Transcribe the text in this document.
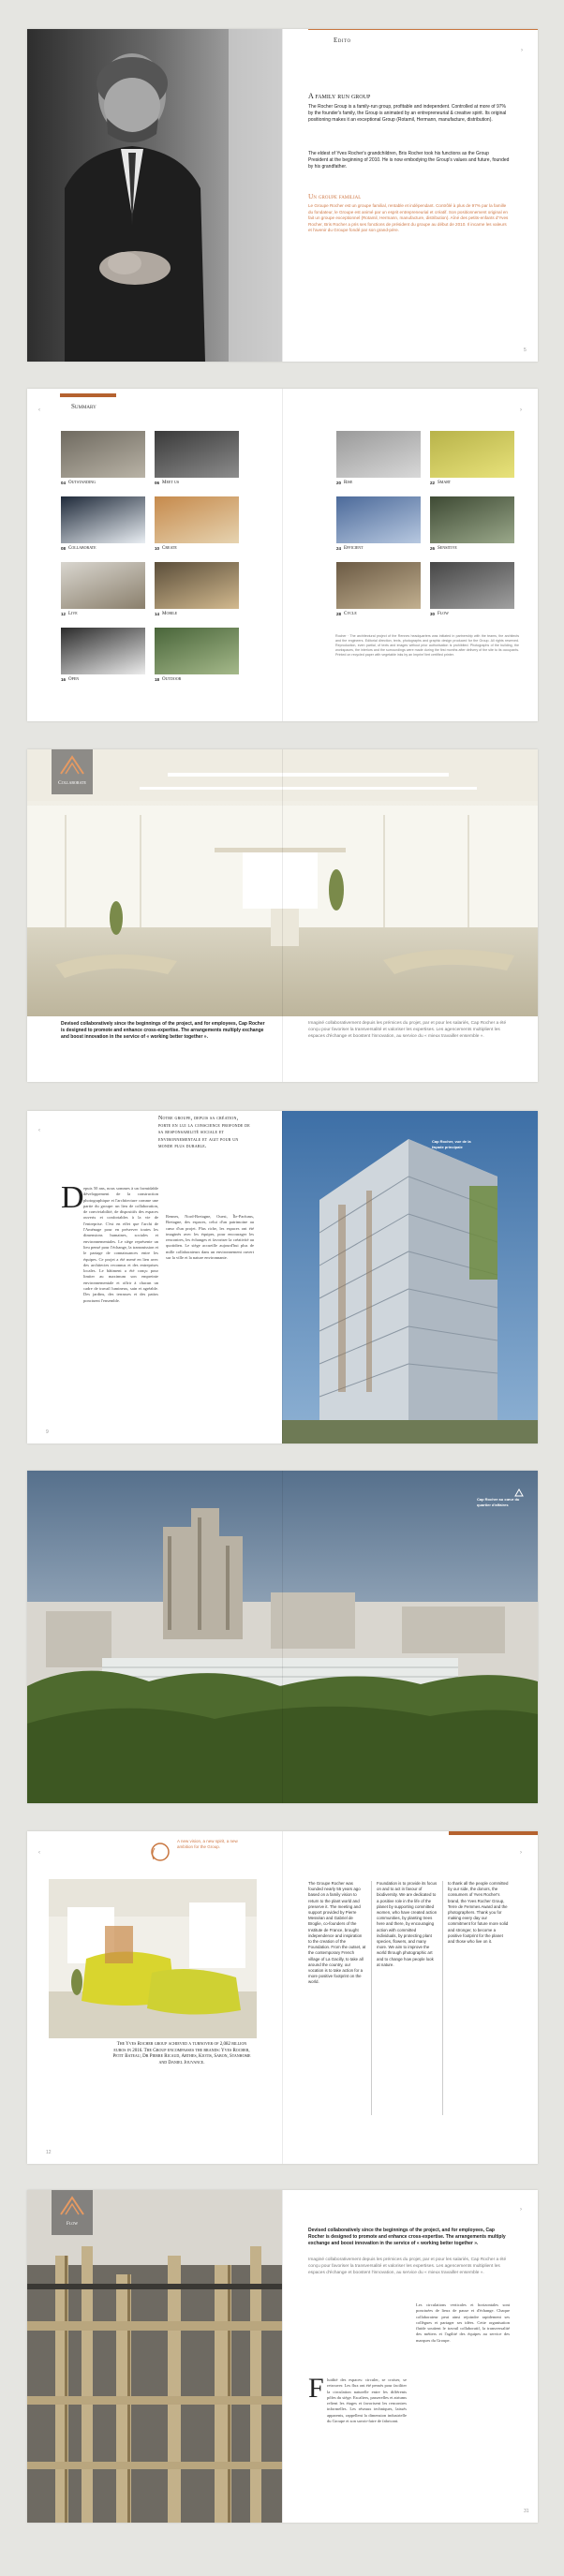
Edito
›
A family run group
The Rocher Group is a family-run group, profitable and independent. Controlled at more of 97% by the founder's family, the Group is animated by an entrepreneurial & creative spirit. Its original positioning makes it an exceptional Group (Rotamil, Hermann, manufacture, distribution).
The eldest of Yves Rocher's grandchildren, Bris Rocher took his functions as the Group President at the beginning of 2010. He is now embodying the Group's values and future, founded by his grandfather.
Un groupe familial
Le Groupe Rocher est un groupe familial, rentable et indépendant. Contrôlé à plus de 97% par la famille du fondateur, le Groupe est animé par un esprit entrepreneurial et créatif. Son positionnement original en fait un groupe exceptionnel (Rotamil, Hermann, manufacture, distribution). Aîné des petits-enfants d'Yves Rocher, Bris Rocher a pris ses fonctions de président du groupe au début de 2010. Il incarne les valeurs et l'avenir du Groupe fondé par son grand-père.
5
Summary
‹	›
04 Outstanding	06 Meet us
08 Collaborate	10 Create
12 Live	14 Mobile
16 Open	18 Outdoor
20 Rise	22 Smart
24 Efficient	26 Sensitive
28 Cycle	30 Flow
Rocher · The architectural project of the Rennes headquarters was initiated in partnership with the teams, the architects and the engineers. Editorial direction, texts, photographs and graphic design produced for the Group. All rights reserved. Reproduction, even partial, of texts and images without prior authorisation is prohibited. Photographs of the building, the workspaces, the interiors and the surroundings were made during the first months after delivery of the site to its occupants. Printed on recycled paper with vegetable inks by an Imprim'Vert certified printer.
Collaborate
Devised collaboratively since the beginnings of the project, and for employees, Cap Rocher is designed to promote and enhance cross-expertise. The arrangements multiply exchange and boost innovation in the service of « working better together ».
Imaginé collaborativement depuis les prémices du projet, par et pour les salariés, Cap Rocher a été conçu pour favoriser la transversalité et valoriser les expertises. Les agencements multiplient les espaces d'échange et boostent l'innovation, au service du « mieux travailler ensemble ».
‹
Notre groupe, depuis sa création, porte en lui la conscience profonde de sa responsabilité sociale et environnementale et agit pour un monde plus durable.
D epuis 50 ans, nous sommes à un formidable développement de la construction photographique et l'architecture comme une partie du groupe: un lieu de collaboration, de conviviabilité, de dispositifs des espaces ouverts et confortables à la vie de l'entreprise. C'est en effet que l'archi de l'Aménage pour en préserver toutes les dimensions humaines, sociales et environnementales. Le siège représente un lieu pensé pour l'échange, la transmission et le partage de connaissances entre les équipes. Ce projet a été mené en lien avec des architectes reconnus et des entreprises locales. Le bâtiment a été conçu pour limiter au maximum son empreinte environnementale et offrir à chacun un cadre de travail lumineux, sain et agréable. Des jardins, des terrasses et des patios ponctuent l'ensemble.
Rennes, Nord-Bretagne, Ouest, Île-Parfums, Bretagne, des espaces, celui d'un patrimoine au cœur d'un projet. Plus riche, les espaces ont été imaginés avec les équipes, pour encourager les rencontres, les échanges et favoriser la créativité au quotidien. Le siège accueille aujourd'hui plus de mille collaborateurs dans un environnement ouvert sur la ville et la nature environnante.
Cap Rocher, vue de la façade principale
9
Cap Rocher au cœur du quartier d'affaires
‹	›
A new vision, a new spirit, a new ambition for the Group.
The Yves Rocher group achieved a turnover of 2,082 billion euros in 2016. The Group encompasses the brands: Yves Rocher, Petit Bateau, Dr Pierre Ricaud, Arthes, Kiotis, Sabon, Stanhome and Daniel Jouvance.
The Groupe Rocher was founded nearly 55 years ago based on a family vision to return to the plant world and preserve it. The meeting and support provided by Pierre Messéan and Gabriel de Broglie, co-founders of the Institute de France, brought independence and inspiration to the creation of the Foundation. From the outset, at the contemporary French village of La Gacilly, to take all around the country, our vocation is to take action for a more positive footprint on the world.
Foundation is to provide its focus on and to act in favour of biodiversity. We are dedicated to a positive role in the life of the planet by supporting committed women, who have created action communities, by planting trees here and there, by encouraging action with committed individuals, by protecting plant species, flowers, and many more. We aim to improve the world through photographic art and to change how people look at nature.
to thank all the people committed by our side, the donors, the consumers of Yves Rocher's brand, the Yves Rocher Group, Terre de Femmes Award and the photographers. Thank you for making every day our commitment for future more solid and stronger, to become a positive footprint for the planet and those who live on it.
12
Flow
›
Devised collaboratively since the beginnings of the project, and for employees, Cap Rocher is designed to promote and enhance cross-expertise. The arrangements multiply exchange and boost innovation in the service of « working better together ».
Imaginé collaborativement depuis les prémices du projet, par et pour les salariés, Cap Rocher a été conçu pour favoriser la transversalité et valoriser les expertises. Les agencements multiplient les espaces d'échange et boostent l'innovation, au service du « mieux travailler ensemble ».
F luidité des espaces: circuler, se croiser, se retrouver. Les flux ont été pensés pour faciliter la circulation naturelle entre les différents pôles du siège. Escaliers, passerelles et atriums relient les étages et favorisent les rencontres informelles. Les réseaux techniques, laissés apparents, rappellent la dimension industrielle du Groupe et son savoir-faire de fabricant.
Les circulations verticales et horizontales sont ponctuées de lieux de pause et d'échange. Chaque collaborateur peut ainsi rejoindre rapidement ses collègues et partager ses idées. Cette organisation fluide soutient le travail collaboratif, la transversalité des métiers et l'agilité des équipes au service des marques du Groupe.
31
